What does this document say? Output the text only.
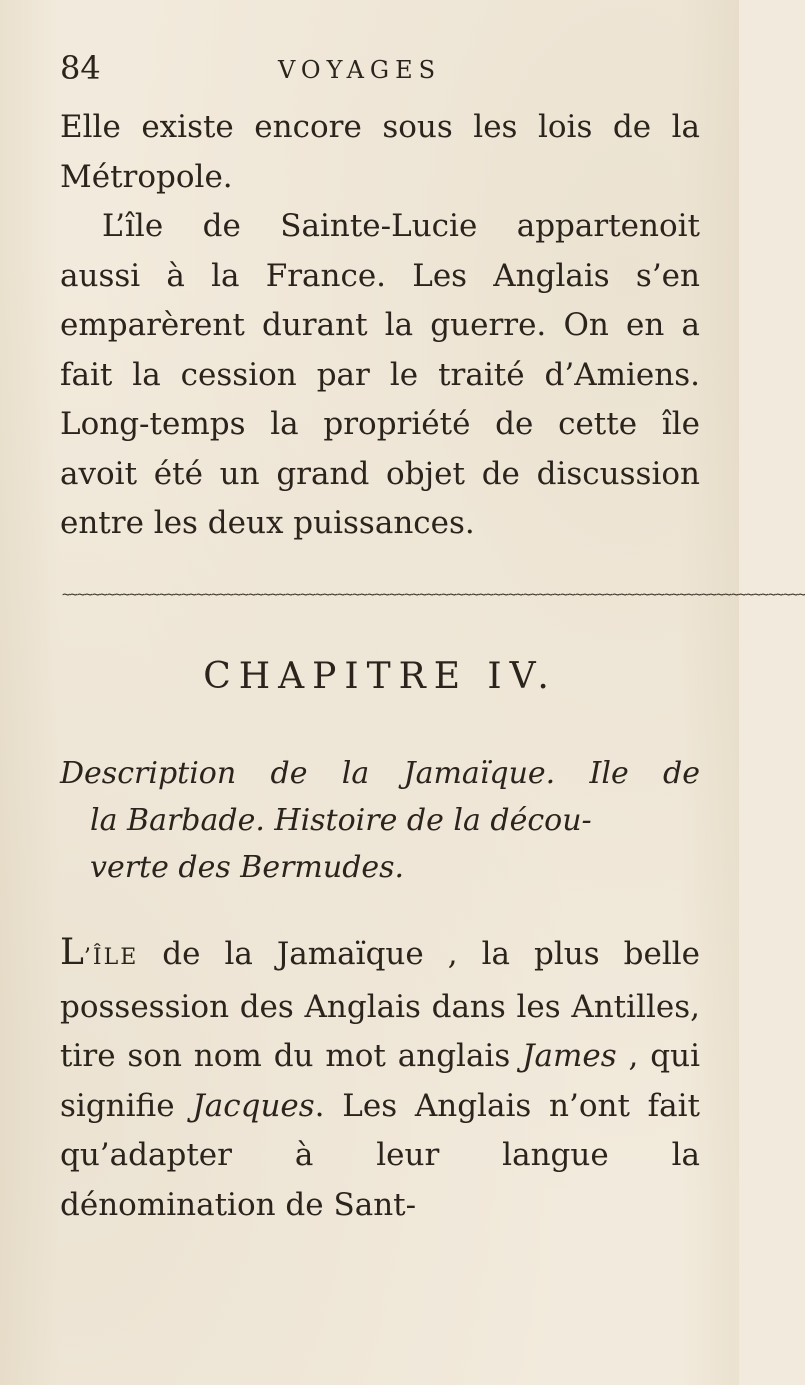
84	VOYAGES

Elle existe encore sous les lois de la

Métropole.

L’île de Sainte-Lucie appartenoit aussi à la France. Les Anglais s’en emparèrent durant la guerre. On en a fait la cession par le traité d’Amiens. Long-temps la propriété de cette île avoit été un grand objet de discussion entre les deux puissances.

~~~~~~~~~~~~~~~~~~~~~~~~~~~~~~~~~~~~~~~~~~~~~~~~~~~~~~~~~~~~~~~~~~~~~~~~~~~~~~~~~~~~~~~~~~~~~~~~~~~~
CHAPITRE IV.
Description de la Jamaïque. Ile de
la Barbade. Histoire de la décou-
verte des Bermudes.

L’ÎLE de la Jamaïque , la plus belle possession des Anglais dans les Antilles, tire son nom du mot anglais James , qui signifie Jacques. Les Anglais n’ont fait qu’adapter à leur langue la dénomination de Sant-
